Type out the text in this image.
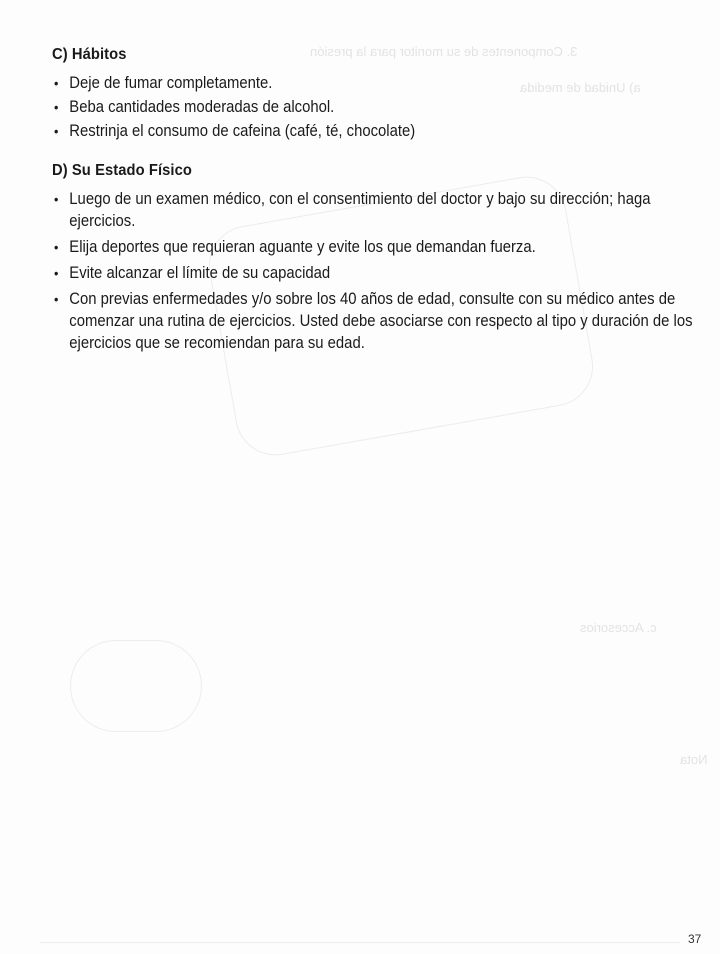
3. Componentes de su monitor para la presión
a) Unidad de medida
c. Accesorios
Nota
C) Hábitos
• Deje de fumar completamente.
• Beba cantidades moderadas de alcohol.
• Restrinja el consumo de cafeina (café, té, chocolate)
D) Su Estado Físico
• Luego de un examen médico, con el consentimiento del doctor y bajo su dirección; haga ejercicios.
• Elija deportes que requieran aguante y evite los que demandan fuerza.
• Evite alcanzar el límite de su capacidad
• Con previas enfermedades y/o sobre los 40 años de edad, consulte con su médico antes de comenzar una rutina de ejercicios. Usted debe asociarse con respecto al tipo y duración de los ejercicios que se recomiendan para su edad.
37
